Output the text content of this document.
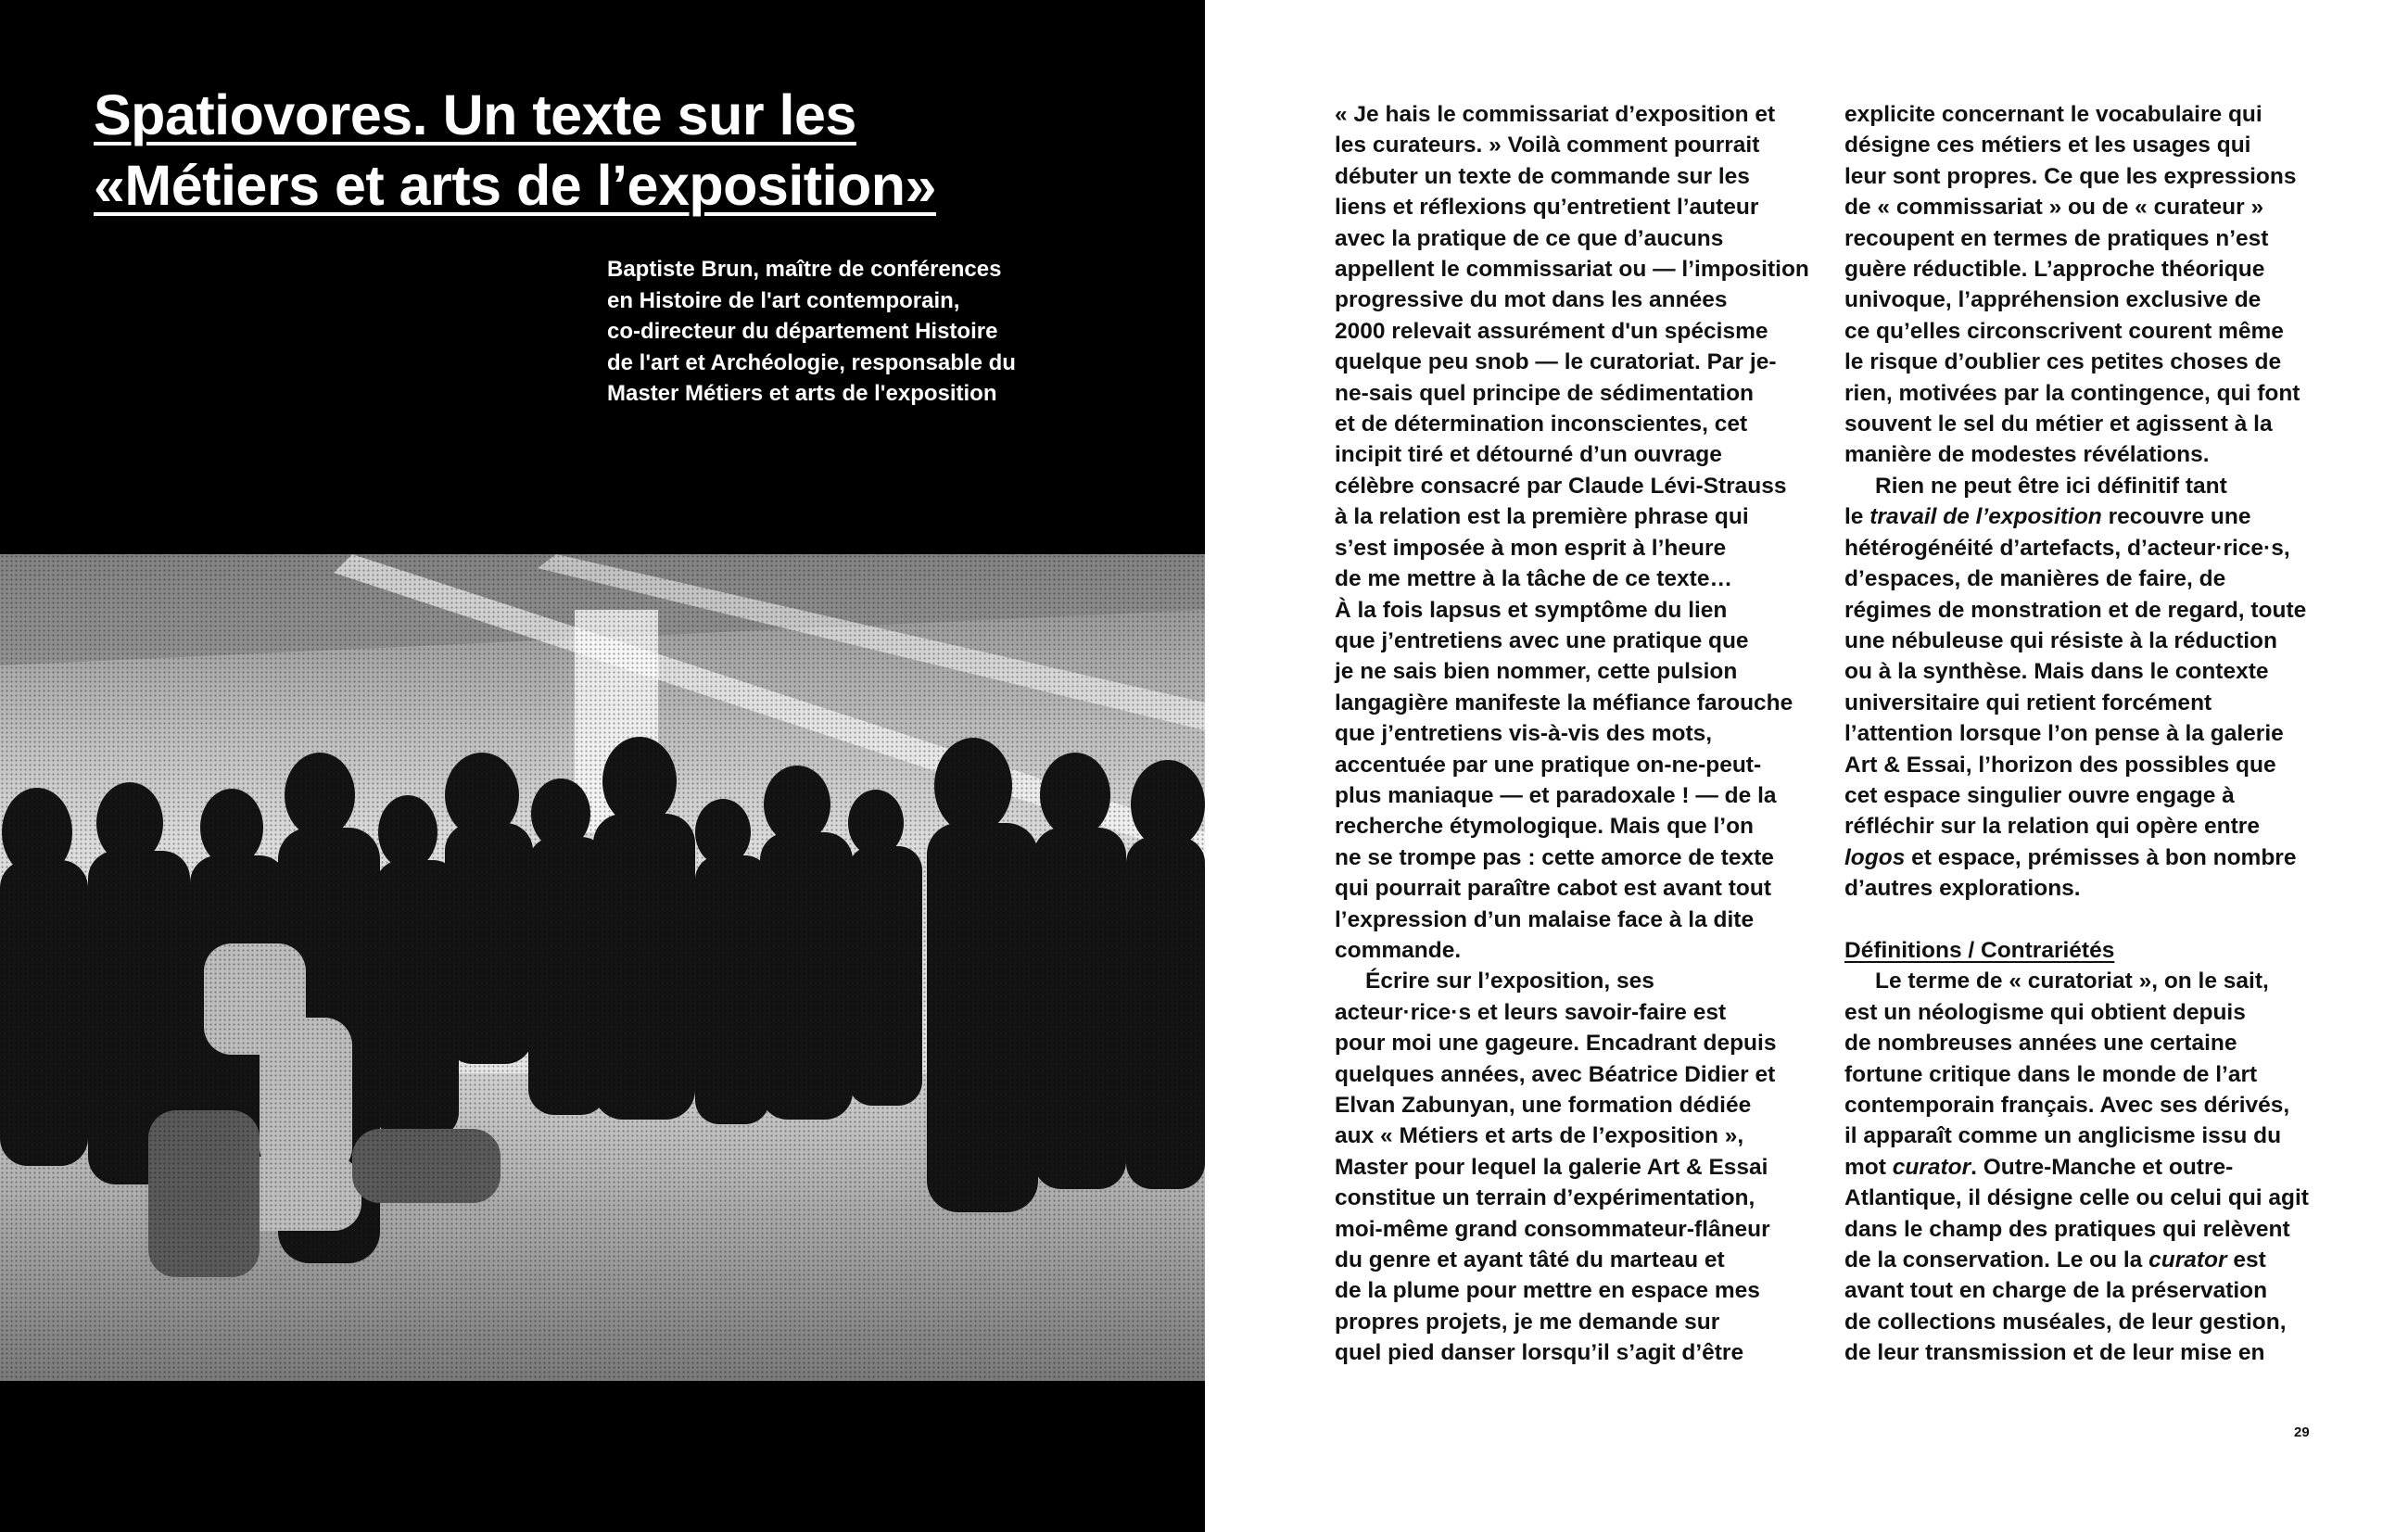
Spatiovores. Un texte sur les
«Métiers et arts de l’exposition»
Baptiste Brun, maître de conférences
en Histoire de l'art contemporain,
co-directeur du département Histoire
de l'art et Archéologie, responsable du
Master Métiers et arts de l'exposition
« Je hais le commissariat d’exposition et
les curateurs. » Voilà comment pourrait
débuter un texte de commande sur les
liens et réflexions qu’entretient l’auteur
avec la pratique de ce que d’aucuns
appellent le commissariat ou — l’imposition
progressive du mot dans les années
2000 relevait assurément d'un spécisme
quelque peu snob — le curatoriat. Par je-
ne-sais quel principe de sédimentation
et de détermination inconscientes, cet
incipit tiré et détourné d’un ouvrage
célèbre consacré par Claude Lévi-Strauss
à la relation est la première phrase qui
s’est imposée à mon esprit à l’heure
de me mettre à la tâche de ce texte…
À la fois lapsus et symptôme du lien
que j’entretiens avec une pratique que
je ne sais bien nommer, cette pulsion
langagière manifeste la méfiance farouche
que j’entretiens vis-à-vis des mots,
accentuée par une pratique on-ne-peut-
plus maniaque — et paradoxale ! — de la
recherche étymologique. Mais que l’on
ne se trompe pas : cette amorce de texte
qui pourrait paraître cabot est avant tout
l’expression d’un malaise face à la dite
commande.
Écrire sur l’exposition, ses
acteur·rice·s et leurs savoir-faire est
pour moi une gageure. Encadrant depuis
quelques années, avec Béatrice Didier et
Elvan Zabunyan, une formation dédiée
aux « Métiers et arts de l’exposition »,
Master pour lequel la galerie Art & Essai
constitue un terrain d’expérimentation,
moi-même grand consommateur-flâneur
du genre et ayant tâté du marteau et
de la plume pour mettre en espace mes
propres projets, je me demande sur
quel pied danser lorsqu’il s’agit d’être
explicite concernant le vocabulaire qui
désigne ces métiers et les usages qui
leur sont propres. Ce que les expressions
de « commissariat » ou de « curateur »
recoupent en termes de pratiques n’est
guère réductible. L’approche théorique
univoque, l’appréhension exclusive de
ce qu’elles circonscrivent courent même
le risque d’oublier ces petites choses de
rien, motivées par la contingence, qui font
souvent le sel du métier et agissent à la
manière de modestes révélations.
Rien ne peut être ici définitif tant
le travail de l’exposition recouvre une
hétérogénéité d’artefacts, d’acteur·rice·s,
d’espaces, de manières de faire, de
régimes de monstration et de regard, toute
une nébuleuse qui résiste à la réduction
ou à la synthèse. Mais dans le contexte
universitaire qui retient forcément
l’attention lorsque l’on pense à la galerie
Art & Essai, l’horizon des possibles que
cet espace singulier ouvre engage à
réfléchir sur la relation qui opère entre
logos et espace, prémisses à bon nombre
d’autres explorations.
Définitions / Contrariétés
Le terme de « curatoriat », on le sait,
est un néologisme qui obtient depuis
de nombreuses années une certaine
fortune critique dans le monde de l’art
contemporain français. Avec ses dérivés,
il apparaît comme un anglicisme issu du
mot curator. Outre-Manche et outre-
Atlantique, il désigne celle ou celui qui agit
dans le champ des pratiques qui relèvent
de la conservation. Le ou la curator est
avant tout en charge de la préservation
de collections muséales, de leur gestion,
de leur transmission et de leur mise en
29
